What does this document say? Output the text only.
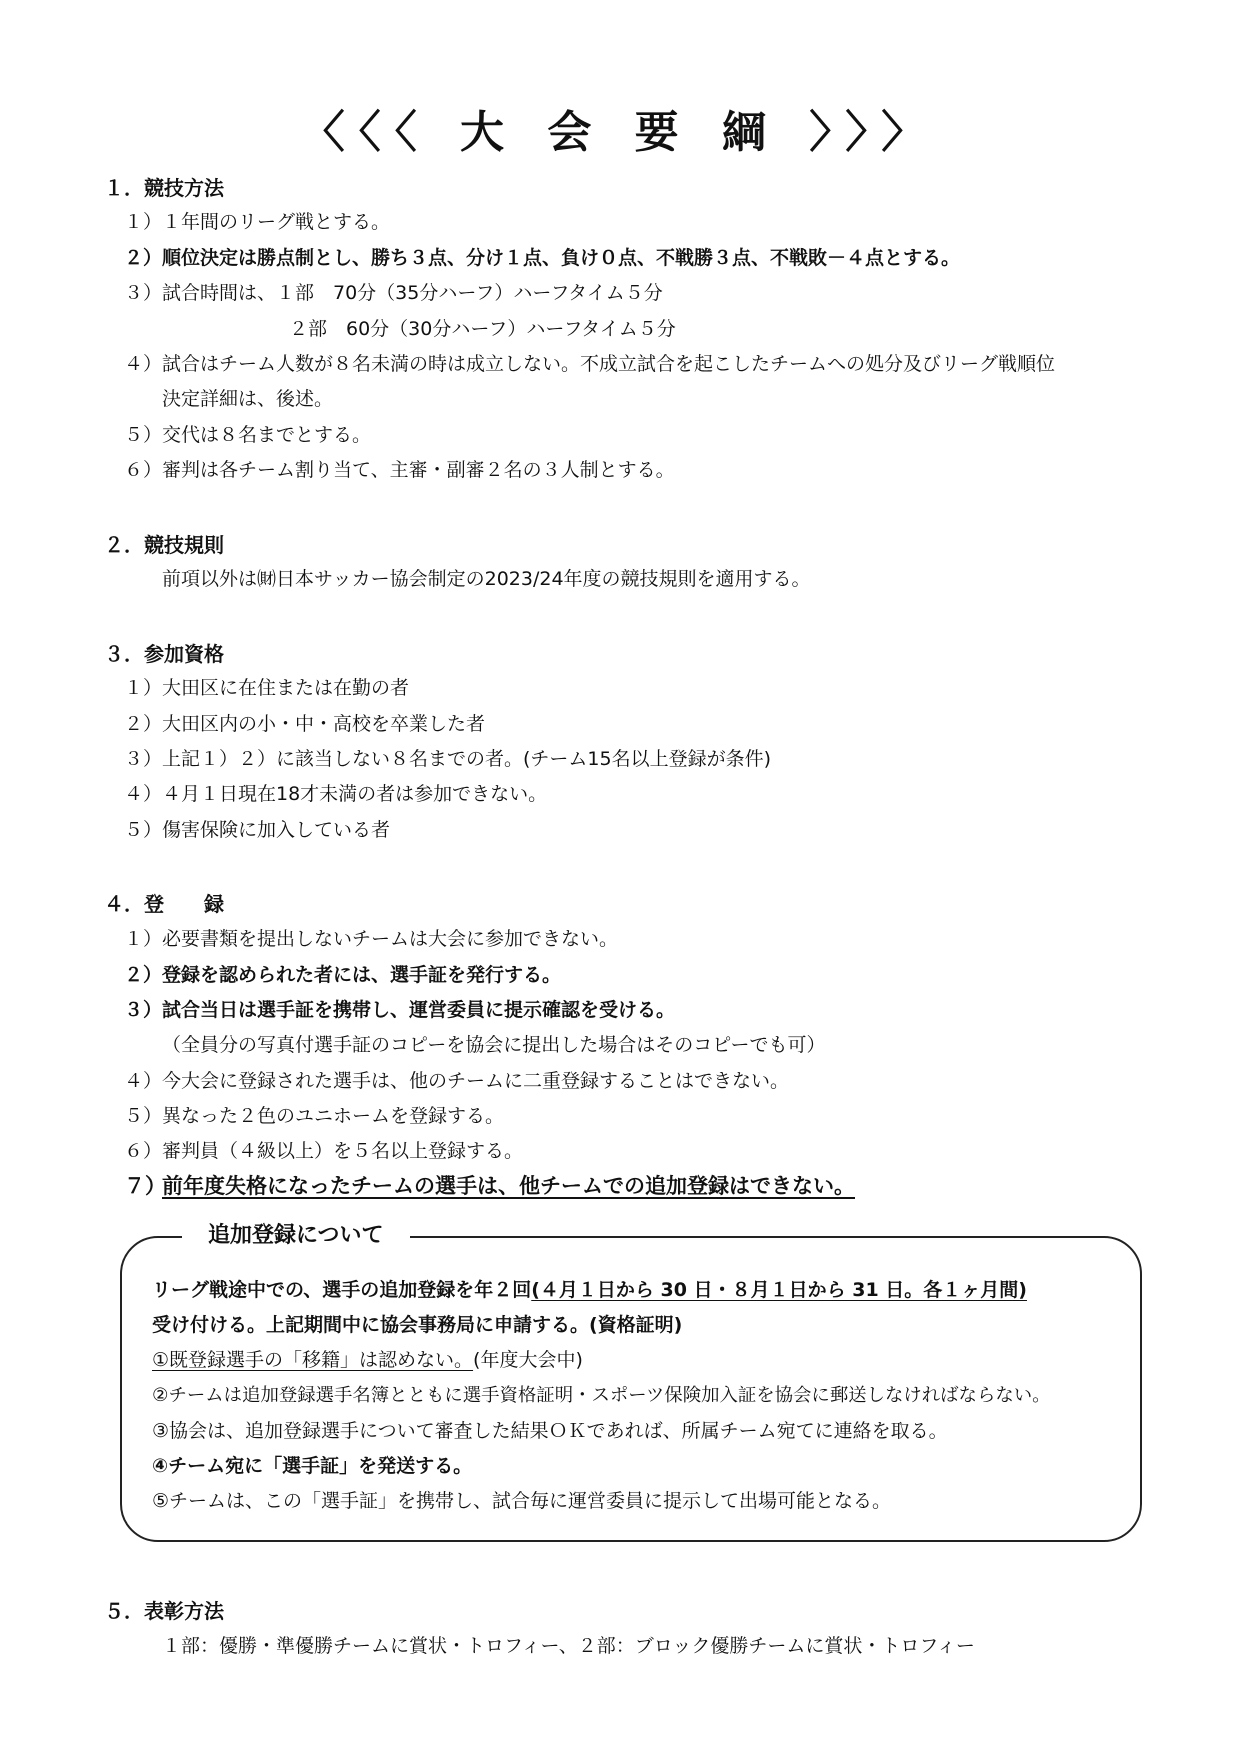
〈〈〈 大 会 要 綱 〉〉〉
１．競技方法
１）１年間のリーグ戦とする。
２）順位決定は勝点制とし、勝ち３点、分け１点、負け０点、不戦勝３点、不戦敗－４点とする。
３）試合時間は、１部　70分（35分ハーフ）ハーフタイム５分
２部　60分（30分ハーフ）ハーフタイム５分
４）試合はチーム人数が８名未満の時は成立しない。不成立試合を起こしたチームへの処分及びリーグ戦順位
決定詳細は、後述。
５）交代は８名までとする。
６）審判は各チーム割り当て、主審・副審２名の３人制とする。
２．競技規則
前項以外は㈶日本サッカー協会制定の2023/24年度の競技規則を適用する。
３．参加資格
１）大田区に在住または在勤の者
２）大田区内の小・中・高校を卒業した者
３）上記１）２）に該当しない８名までの者。(チーム15名以上登録が条件)
４）４月１日現在18才未満の者は参加できない。
５）傷害保険に加入している者
４．登　　録
１）必要書類を提出しないチームは大会に参加できない。
２）登録を認められた者には、選手証を発行する。
３）試合当日は選手証を携帯し、運営委員に提示確認を受ける。
（全員分の写真付選手証のコピーを協会に提出した場合はそのコピーでも可）
４）今大会に登録された選手は、他のチームに二重登録することはできない。
５）異なった２色のユニホームを登録する。
６）審判員（４級以上）を５名以上登録する。
７）
前年度失格になったチームの選手は、他チームでの追加登録はできない。
追加登録について
リーグ戦途中での、選手の追加登録を年２回(４月１日から 30 日・８月１日から 31 日。各１ヶ月間)
受け付ける。上記期間中に協会事務局に申請する。(資格証明)
①既登録選手の「移籍」は認めない。(年度大会中)
②チームは追加登録選手名簿とともに選手資格証明・スポーツ保険加入証を協会に郵送しなければならない。
③協会は、追加登録選手について審査した結果ＯＫであれば、所属チーム宛てに連絡を取る。
④チーム宛に「選手証」を発送する。
⑤チームは、この「選手証」を携帯し、試合毎に運営委員に提示して出場可能となる。
５．表彰方法
１部：優勝・準優勝チームに賞状・トロフィー、２部：ブロック優勝チームに賞状・トロフィー
